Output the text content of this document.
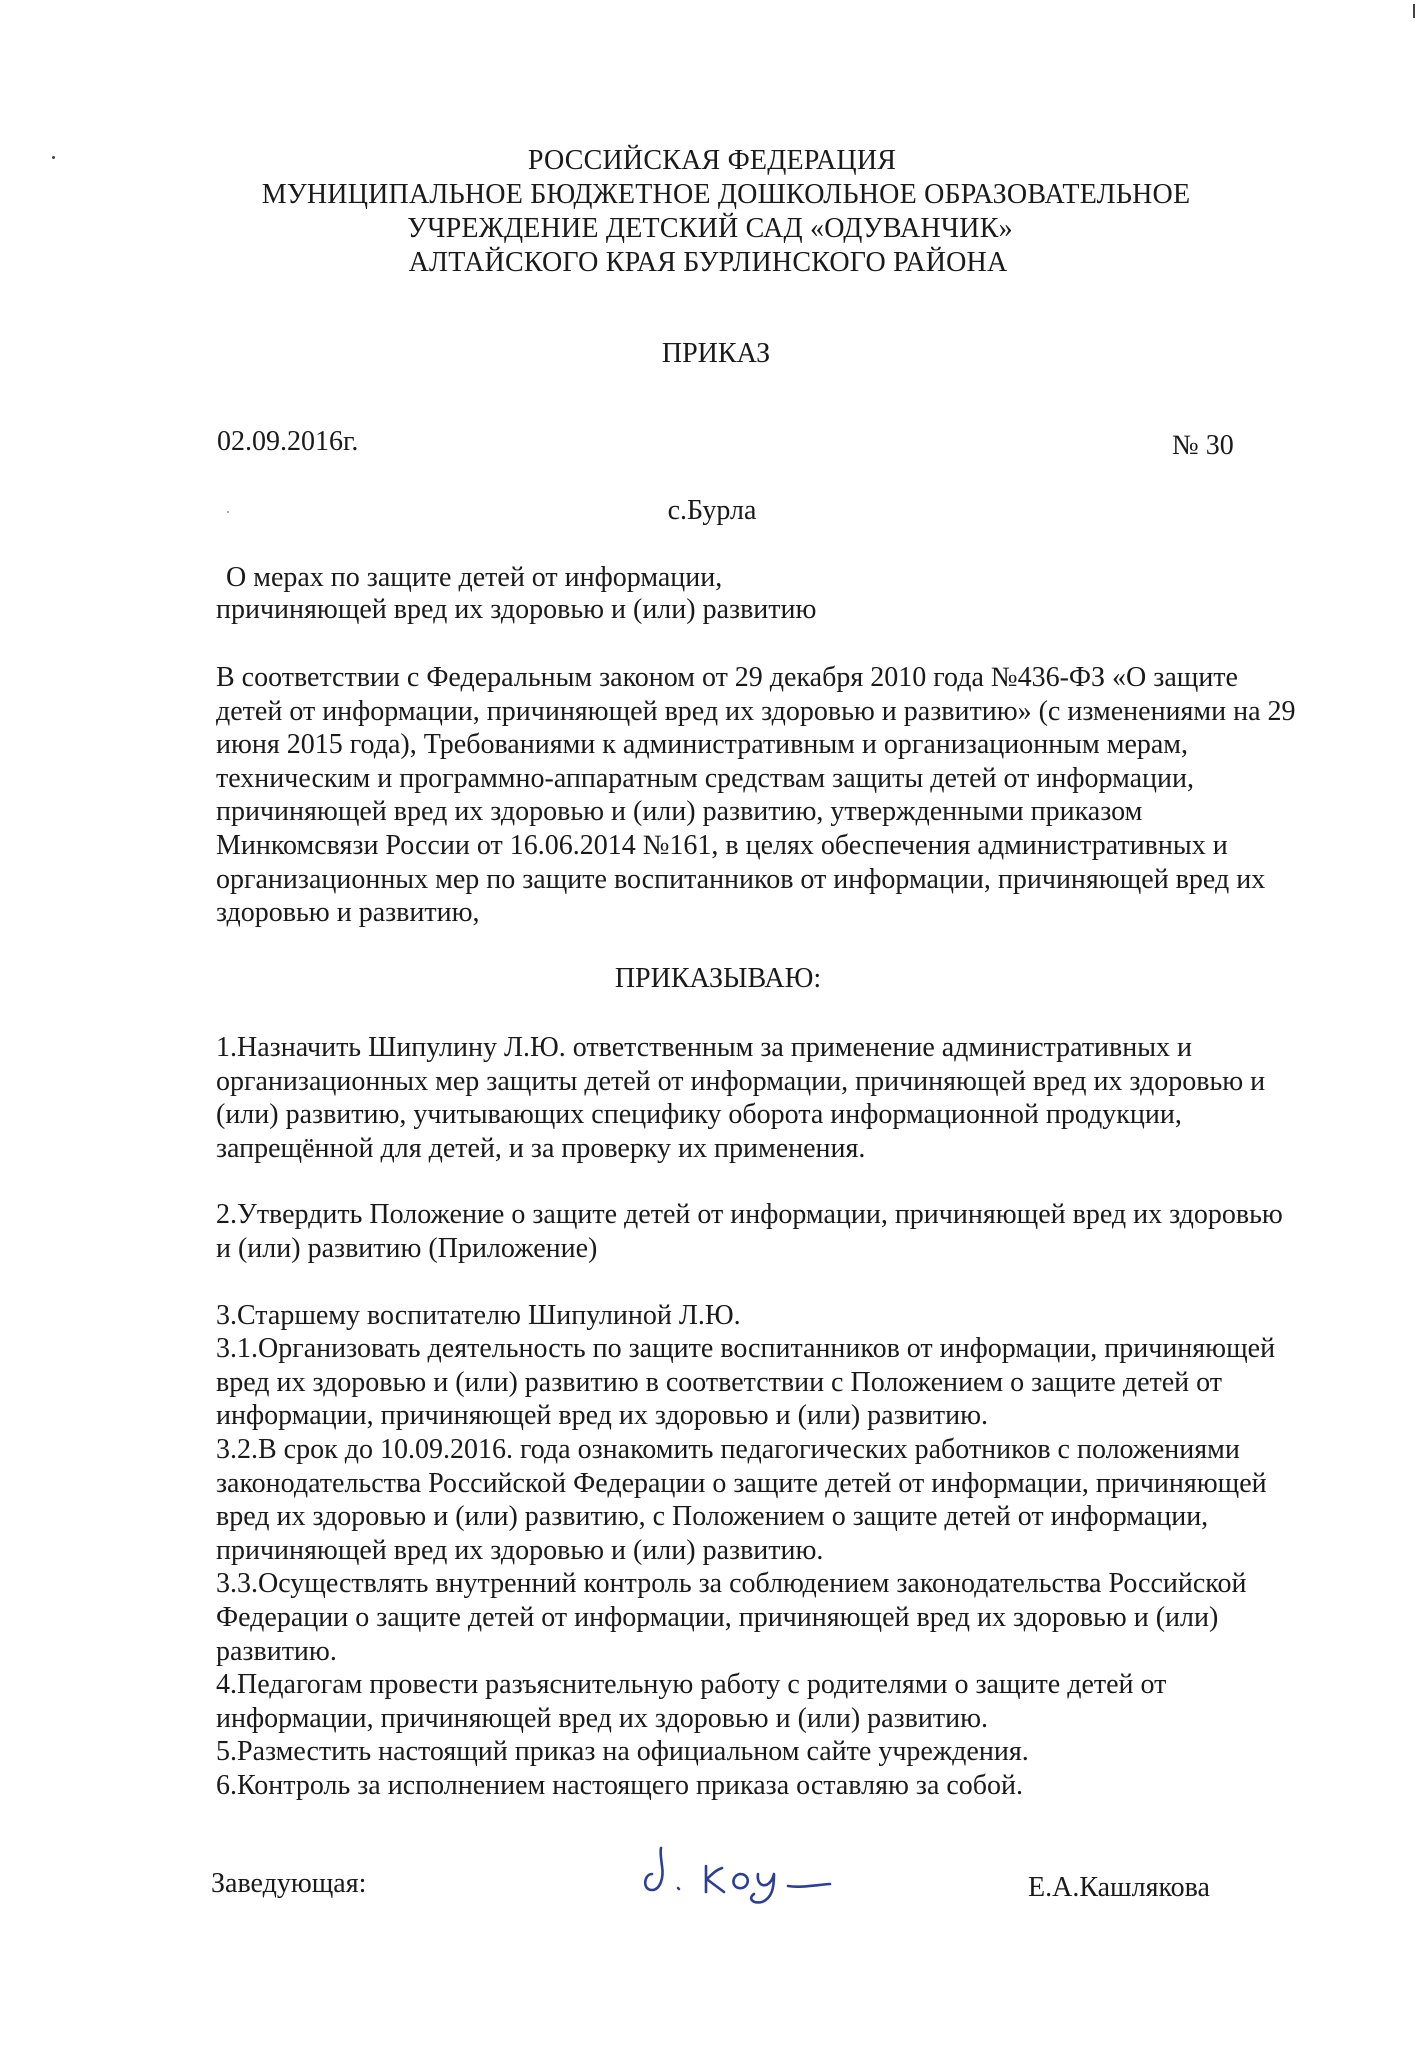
РОССИЙСКАЯ ФЕДЕРАЦИЯ
МУНИЦИПАЛЬНОЕ БЮДЖЕТНОЕ ДОШКОЛЬНОЕ ОБРАЗОВАТЕЛЬНОЕ
УЧРЕЖДЕНИЕ ДЕТСКИЙ САД «ОДУВАНЧИК»
АЛТАЙСКОГО КРАЯ БУРЛИНСКОГО РАЙОНА
ПРИКАЗ
02.09.2016г.	№ 30
с.Бурла
О мерах по защите детей от информации,
причиняющей вред их здоровью и (или) развитию
В соответствии с Федеральным законом от 29 декабря 2010 года №436-ФЗ «О защите
детей от информации, причиняющей вред их здоровью и развитию» (с изменениями на 29
июня 2015 года), Требованиями к административным и организационным мерам,
техническим и программно-аппаратным средствам защиты детей от информации,
причиняющей вред их здоровью и (или) развитию, утвержденными приказом
Минкомсвязи России от 16.06.2014 №161, в целях обеспечения административных и
организационных мер по защите воспитанников от информации, причиняющей вред их
здоровью и развитию,
ПРИКАЗЫВАЮ:
1.Назначить Шипулину Л.Ю. ответственным за применение административных и
организационных мер защиты детей от информации, причиняющей вред их здоровью и
(или) развитию, учитывающих специфику оборота информационной продукции,
запрещённой для детей, и за проверку их применения.
2.Утвердить Положение о защите детей от информации, причиняющей вред их здоровью
и (или) развитию (Приложение)
3.Старшему воспитателю Шипулиной Л.Ю.
3.1.Организовать деятельность по защите воспитанников от информации, причиняющей
вред их здоровью и (или) развитию в соответствии с Положением о защите детей от
информации, причиняющей вред их здоровью и (или) развитию.
3.2.В срок до 10.09.2016. года ознакомить педагогических работников с положениями
законодательства Российской Федерации о защите детей от информации, причиняющей
вред их здоровью и (или) развитию, с Положением о защите детей от информации,
причиняющей вред их здоровью и (или) развитию.
3.3.Осуществлять внутренний контроль за соблюдением законодательства Российской
Федерации о защите детей от информации, причиняющей вред их здоровью и (или)
развитию.
4.Педагогам провести разъяснительную работу с родителями о защите детей от
информации, причиняющей вред их здоровью и (или) развитию.
5.Разместить настоящий приказ на официальном сайте учреждения.
6.Контроль за исполнением настоящего приказа оставляю за собой.
Заведующая:	Е.А.Кашлякова
